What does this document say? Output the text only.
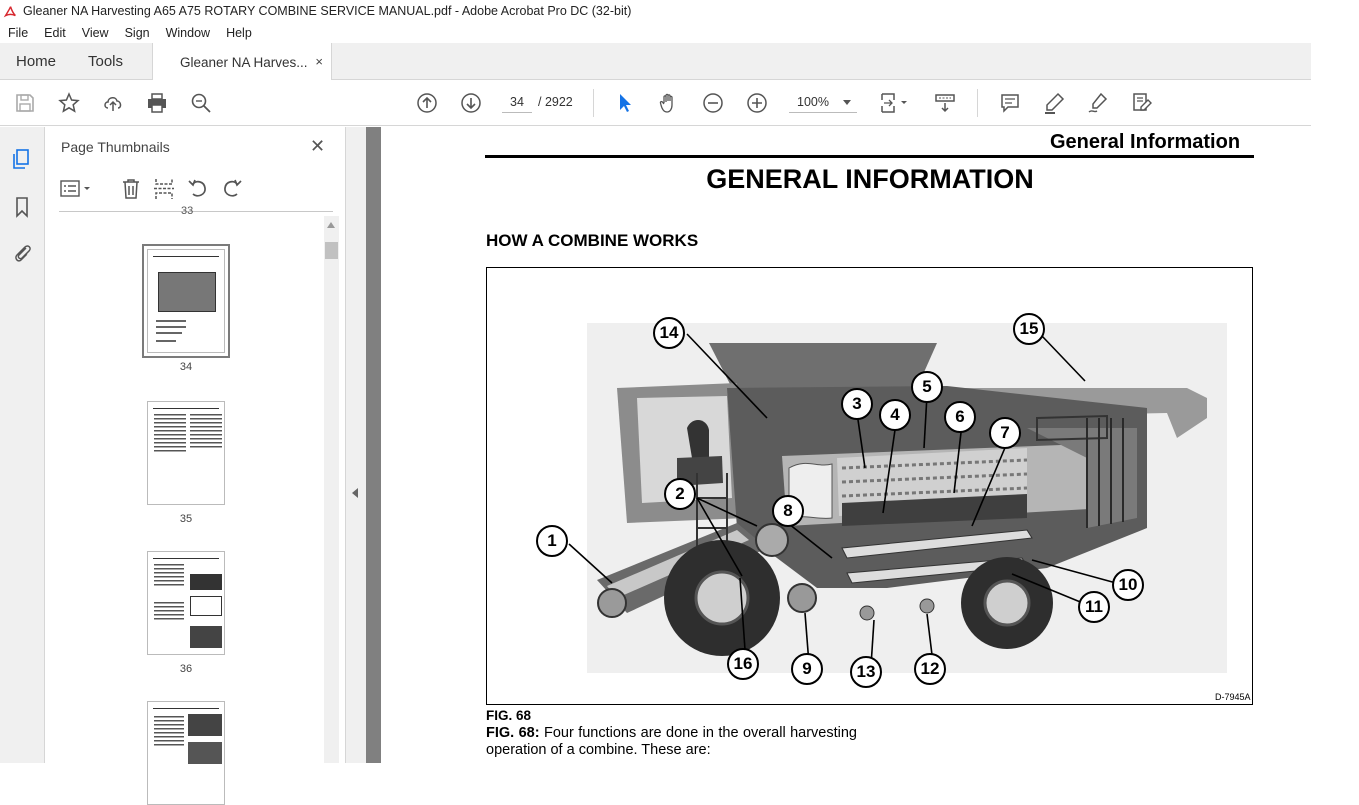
Gleaner NA Harvesting A65 A75 ROTARY COMBINE SERVICE MANUAL.pdf - Adobe Acrobat Pro DC (32-bit)
File	Edit	View	Sign	Window	Help
Home Tools	Gleaner NA Harves... ×
34
/ 2922	100%
Page Thumbnails	✕
33
34
35
36
General Information
GENERAL INFORMATION
HOW A COMBINE WORKS
1
2
3
4
5
6
7
8
9
10
11
12
13
14	15
16
D-7945A
FIG. 68
FIG. 68: Four functions are done in the overall harvesting operation of a combine. These are:
